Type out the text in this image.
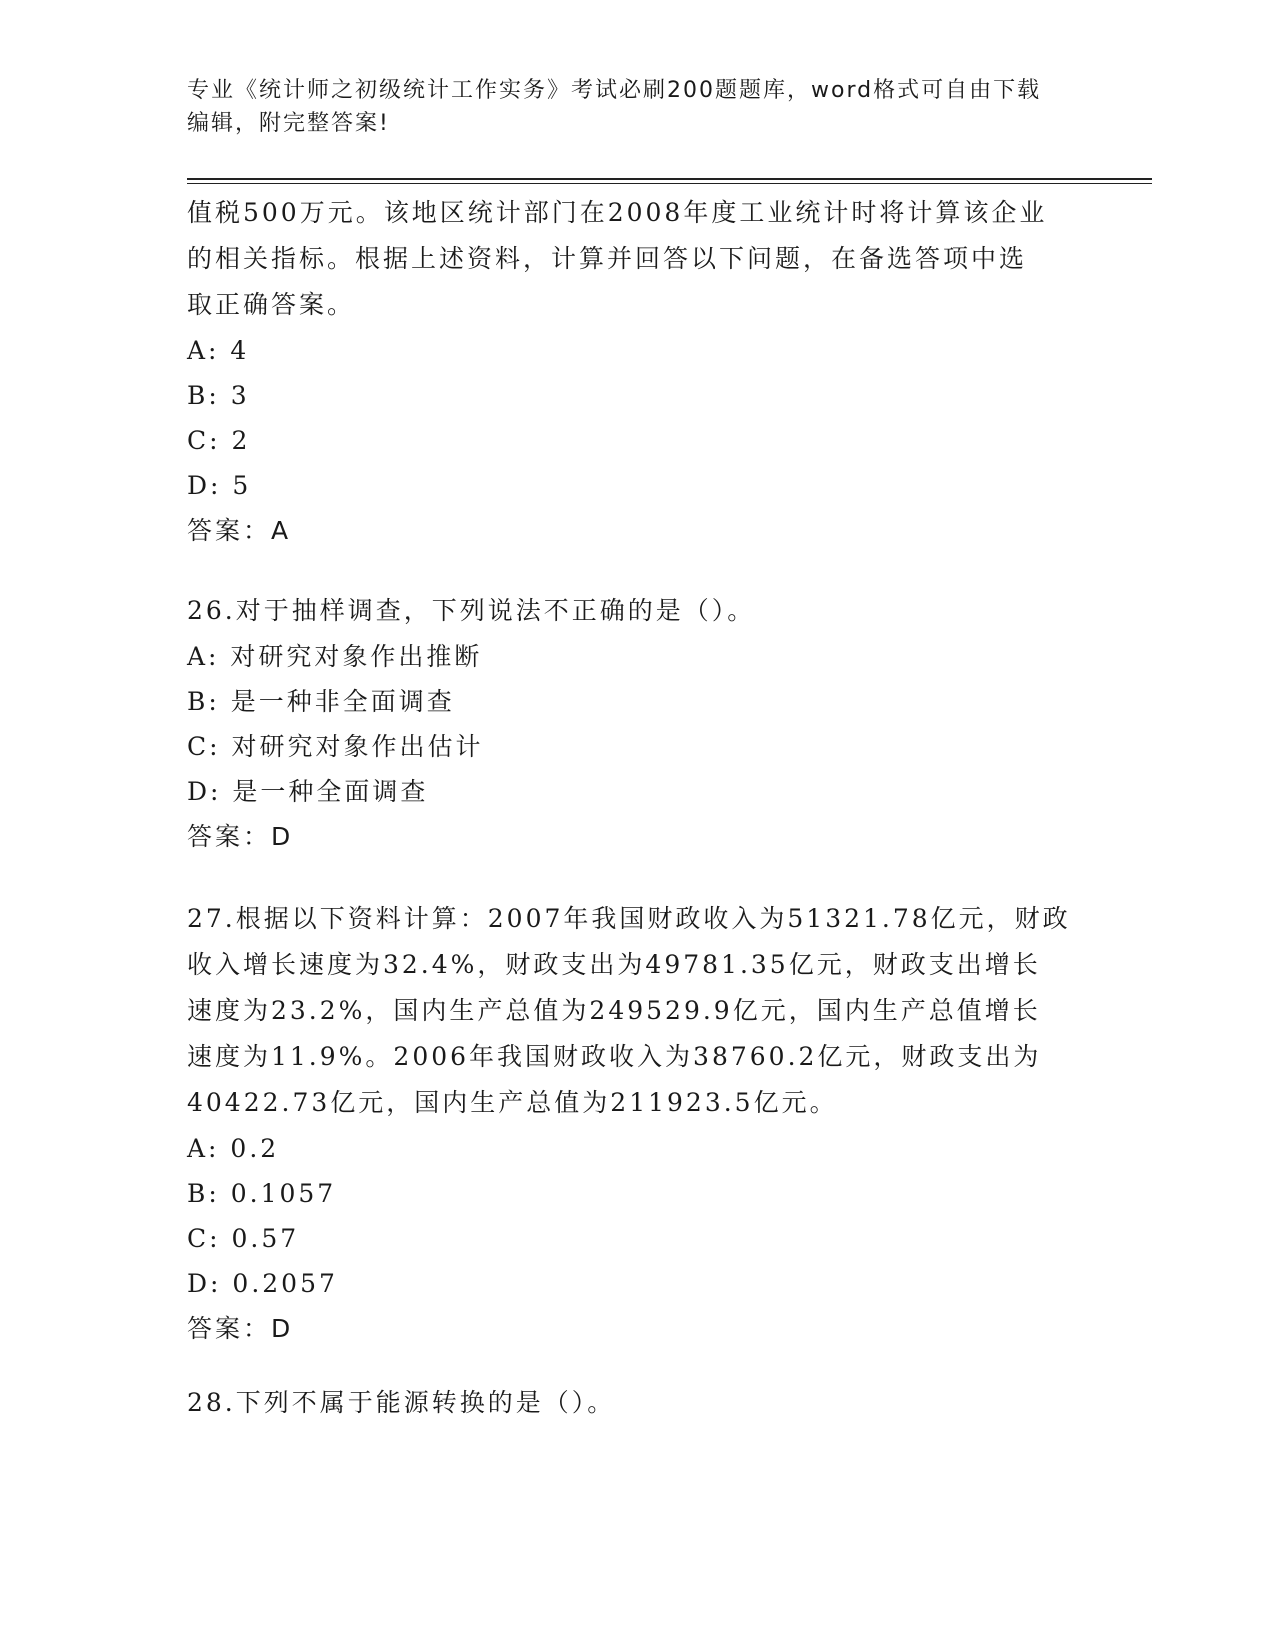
专业《统计师之初级统计工作实务》考试必刷200题题库，word格式可自由下载
编辑，附完整答案!

值税500万元。该地区统计部门在2008年度工业统计时将计算该企业

的相关指标。根据上述资料，计算并回答以下问题，在备选答项中选

取正确答案。

A: 4

B: 3

C: 2

D: 5

答案：A

26.对于抽样调查，下列说法不正确的是（）。

A: 对研究对象作出推断

B: 是一种非全面调查

C: 对研究对象作出估计

D: 是一种全面调查

答案：D

27.根据以下资料计算：2007年我国财政收入为51321.78亿元，财政

收入增长速度为32.4%，财政支出为49781.35亿元，财政支出增长

速度为23.2%，国内生产总值为249529.9亿元，国内生产总值增长

速度为11.9%。2006年我国财政收入为38760.2亿元，财政支出为

40422.73亿元，国内生产总值为211923.5亿元。

A: 0.2

B: 0.1057

C: 0.57

D: 0.2057

答案：D

28.下列不属于能源转换的是（）。
